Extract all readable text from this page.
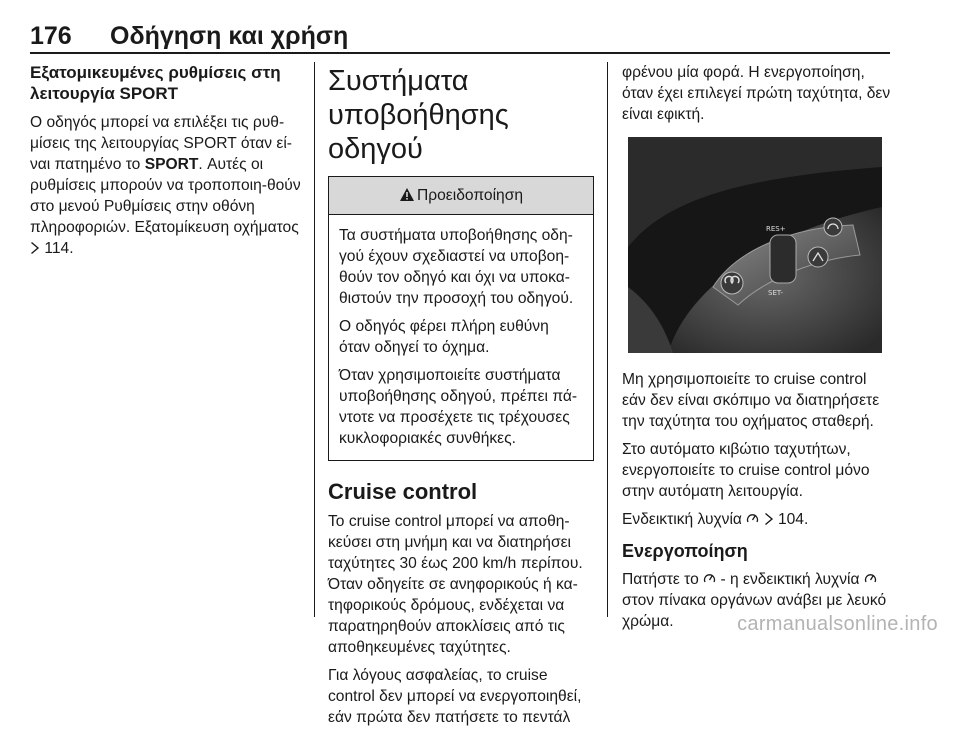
176 Οδήγηση και χρήση
Εξατομικευμένες ρυθμίσεις στη λειτουργία SPORT

Ο οδηγός μπορεί να επιλέξει τις ρυθ-μίσεις της λειτουργίας SPORT όταν εί-ναι πατημένο το SPORT. Αυτές οι ρυθμίσεις μπορούν να τροποποιη-θούν στο μενού Ρυθμίσεις στην οθόνη πληροφοριών. Εξατομίκευση οχήματος  114.

Συστήματα υποβοήθησης οδηγού
Προειδοποίηση

Τα συστήματα υποβοήθησης οδη-γού έχουν σχεδιαστεί να υποβοη-θούν τον οδηγό και όχι να υποκα-θιστούν την προσοχή του οδηγού.

Ο οδηγός φέρει πλήρη ευθύνη όταν οδηγεί το όχημα.

Όταν χρησιμοποιείτε συστήματα υποβοήθησης οδηγού, πρέπει πά-ντοτε να προσέχετε τις τρέχουσες κυκλοφοριακές συνθήκες.

Cruise control

Το cruise control μπορεί να αποθη-κεύσει στη μνήμη και να διατηρήσει ταχύτητες 30 έως 200 km/h περίπου. Όταν οδηγείτε σε ανηφορικούς ή κα-τηφορικούς δρόμους, ενδέχεται να παρατηρηθούν αποκλίσεις από τις αποθηκευμένες ταχύτητες.

Για λόγους ασφαλείας, το cruise control δεν μπορεί να ενεργοποιηθεί, εάν πρώτα δεν πατήσετε το πεντάλ

φρένου μία φορά. Η ενεργοποίηση, όταν έχει επιλεγεί πρώτη ταχύτητα, δεν είναι εφικτή.

RES+
SET-

Μη χρησιμοποιείτε το cruise control εάν δεν είναι σκόπιμο να διατηρήσετε την ταχύτητα του οχήματος σταθερή.

Στο αυτόματο κιβώτιο ταχυτήτων, ενεργοποιείτε το cruise control μόνο στην αυτόματη λειτουργία.

Ενδεικτική λυχνία   104.

Ενεργοποίηση

Πατήστε το  - η ενδεικτική λυχνία  στον πίνακα οργάνων ανάβει με λευκό χρώμα.	carmanualsonline.info
